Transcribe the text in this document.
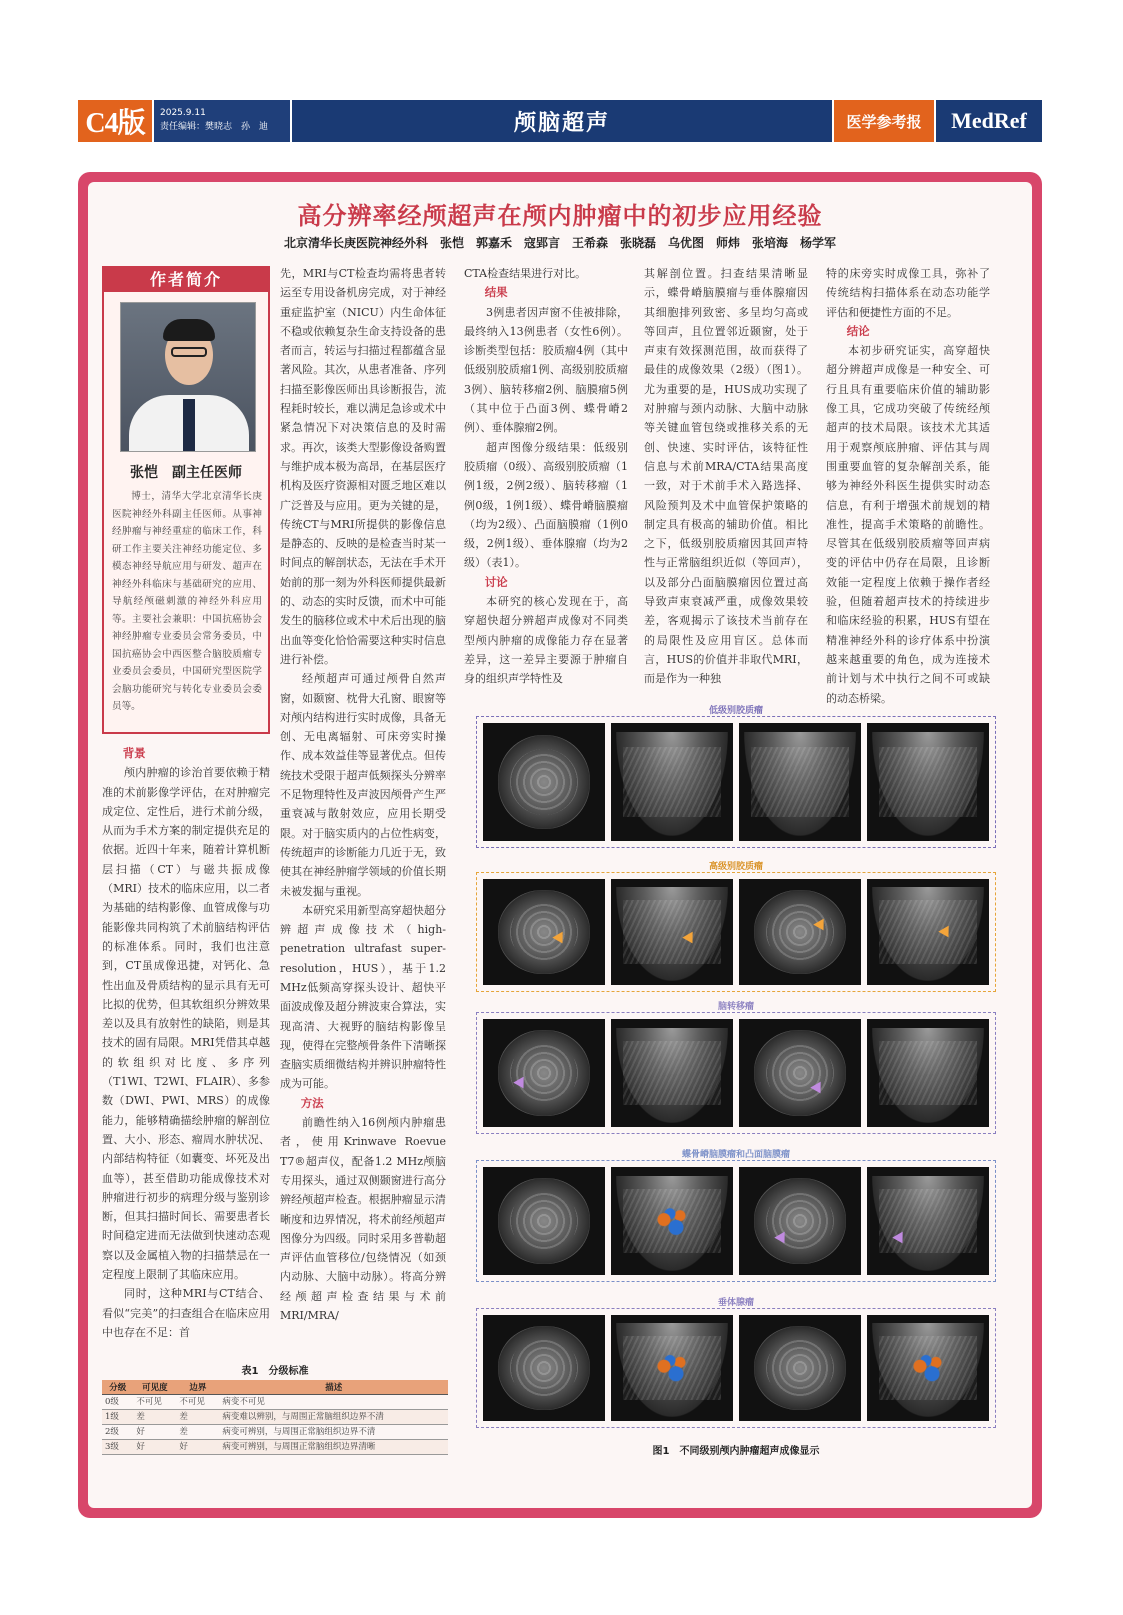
C4版	2025.9.11
责任编辑：樊晓志　孙　迪	颅脑超声	医学参考报	MedRef
高分辨率经颅超声在颅内肿瘤中的初步应用经验
北京清华长庚医院神经外科　张恺　郭嘉禾　寇郢言　王希森　张晓磊　乌优图　师炜　张培海　杨学军
作者简介
张恺　副主任医师
博士，清华大学北京清华长庚医院神经外科副主任医师。从事神经肿瘤与神经重症的临床工作，科研工作主要关注神经功能定位、多模态神经导航应用与研发、超声在神经外科临床与基础研究的应用、导航经颅磁刺激的神经外科应用等。主要社会兼职：中国抗癌协会神经肿瘤专业委员会常务委员，中国抗癌协会中西医整合脑胶质瘤专业委员会委员，中国研究型医院学会脑功能研究与转化专业委员会委员等。
背景

颅内肿瘤的诊治首要依赖于精准的术前影像学评估，在对肿瘤完成定位、定性后，进行术前分级，从而为手术方案的制定提供充足的依据。近四十年来，随着计算机断层扫描（CT）与磁共振成像（MRI）技术的临床应用，以二者为基础的结构影像、血管成像与功能影像共同构筑了术前脑结构评估的标准体系。同时，我们也注意到，CT虽成像迅捷，对钙化、急性出血及骨质结构的显示具有无可比拟的优势，但其软组织分辨效果差以及具有放射性的缺陷，则是其技术的固有局限。MRI凭借其卓越的软组织对比度、多序列（T1WI、T2WI、FLAIR）、多参数（DWI、PWI、MRS）的成像能力，能够精确描绘肿瘤的解剖位置、大小、形态、瘤周水肿状况、内部结构特征（如囊变、坏死及出血等），甚至借助功能成像技术对肿瘤进行初步的病理分级与鉴别诊断，但其扫描时间长、需要患者长时间稳定进而无法做到快速动态观察以及金属植入物的扫描禁忌在一定程度上限制了其临床应用。

同时，这种MRI与CT结合、看似“完美”的扫查组合在临床应用中也存在不足：首

先，MRI与CT检查均需将患者转运至专用设备机房完成，对于神经重症监护室（NICU）内生命体征不稳或依赖复杂生命支持设备的患者而言，转运与扫描过程都蕴含显著风险。其次，从患者准备、序列扫描至影像医师出具诊断报告，流程耗时较长，难以满足急诊或术中紧急情况下对决策信息的及时需求。再次，该类大型影像设备购置与维护成本极为高昂，在基层医疗机构及医疗资源相对匮乏地区难以广泛普及与应用。更为关键的是，传统CT与MRI所提供的影像信息是静态的、反映的是检查当时某一时间点的解剖状态，无法在手术开始前的那一刻为外科医师提供最新的、动态的实时反馈，而术中可能发生的脑移位或术中术后出现的脑出血等变化恰恰需要这种实时信息进行补偿。

经颅超声可通过颅骨自然声窗，如颞窗、枕骨大孔窗、眼窗等对颅内结构进行实时成像，具备无创、无电离辐射、可床旁实时操作、成本效益佳等显著优点。但传统技术受限于超声低频探头分辨率不足物理特性及声波因颅骨产生严重衰减与散射效应，应用长期受限。对于脑实质内的占位性病变，传统超声的诊断能力几近于无，致使其在神经肿瘤学领域的价值长期未被发掘与重视。

本研究采用新型高穿超快超分辨超声成像技术（high-penetration ultrafast super-resolution，HUS），基于1.2 MHz低频高穿探头设计、超快平面波成像及超分辨波束合算法，实现高清、大视野的脑结构影像呈现，使得在完整颅骨条件下清晰探查脑实质细微结构并辨识肿瘤特性成为可能。

方法

前瞻性纳入16例颅内肿瘤患者，使用Krinwave Roevue T7®超声仪，配备1.2 MHz颅脑专用探头，通过双侧颞窗进行高分辨经颅超声检查。根据肿瘤显示清晰度和边界情况，将术前经颅超声图像分为四级。同时采用多普勒超声评估血管移位/包绕情况（如颈内动脉、大脑中动脉）。将高分辨经颅超声检查结果与术前MRI/MRA/

CTA检查结果进行对比。

结果

3例患者因声窗不佳被排除，最终纳入13例患者（女性6例）。诊断类型包括：胶质瘤4例（其中低级别胶质瘤1例、高级别胶质瘤3例）、脑转移瘤2例、脑膜瘤5例（其中位于凸面3例、蝶骨嵴2例）、垂体腺瘤2例。

超声图像分级结果：低级别胶质瘤（0级）、高级别胶质瘤（1例1级，2例2级）、脑转移瘤（1例0级，1例1级）、蝶骨嵴脑膜瘤（均为2级）、凸面脑膜瘤（1例0级，2例1级）、垂体腺瘤（均为2级）（表1）。

讨论

本研究的核心发现在于，高穿超快超分辨超声成像对不同类型颅内肿瘤的成像能力存在显著差异，这一差异主要源于肿瘤自身的组织声学特性及

其解剖位置。扫查结果清晰显示，蝶骨嵴脑膜瘤与垂体腺瘤因其细胞排列致密、多呈均匀高或等回声，且位置邻近颞窗，处于声束有效探测范围，故而获得了最佳的成像效果（2级）（图1）。尤为重要的是，HUS成功实现了对肿瘤与颈内动脉、大脑中动脉等关键血管包绕或推移关系的无创、快速、实时评估，该特征性信息与术前MRA/CTA结果高度一致，对于术前手术入路选择、风险预判及术中血管保护策略的制定具有极高的辅助价值。相比之下，低级别胶质瘤因其回声特性与正常脑组织近似（等回声），以及部分凸面脑膜瘤因位置过高导致声束衰减严重，成像效果较差，客观揭示了该技术当前存在的局限性及应用盲区。总体而言，HUS的价值并非取代MRI，而是作为一种独

特的床旁实时成像工具，弥补了传统结构扫描体系在动态功能学评估和便捷性方面的不足。

结论

本初步研究证实，高穿超快超分辨超声成像是一种安全、可行且具有重要临床价值的辅助影像工具，它成功突破了传统经颅超声的技术局限。该技术尤其适用于观察颅底肿瘤、评估其与周围重要血管的复杂解剖关系，能够为神经外科医生提供实时动态信息，有利于增强术前规划的精准性，提高手术策略的前瞻性。尽管其在低级别胶质瘤等回声病变的评估中仍存在局限，且诊断效能一定程度上依赖于操作者经验，但随着超声技术的持续进步和临床经验的积累，HUS有望在精准神经外科的诊疗体系中扮演越来越重要的角色，成为连接术前计划与术中执行之间不可或缺的动态桥梁。

表1　分级标准
分级	可见度	边界	描述
0级	不可见	不可见	病变不可见
1级	差	差	病变难以辨别，与周围正常脑组织边界不清
2级	好	差	病变可辨别，与周围正常脑组织边界不清
3级	好	好	病变可辨别，与周围正常脑组织边界清晰
低级别胶质瘤
高级别胶质瘤
脑转移瘤
蝶骨嵴脑膜瘤和凸面脑膜瘤
垂体腺瘤
图1　不同级别颅内肿瘤超声成像显示
